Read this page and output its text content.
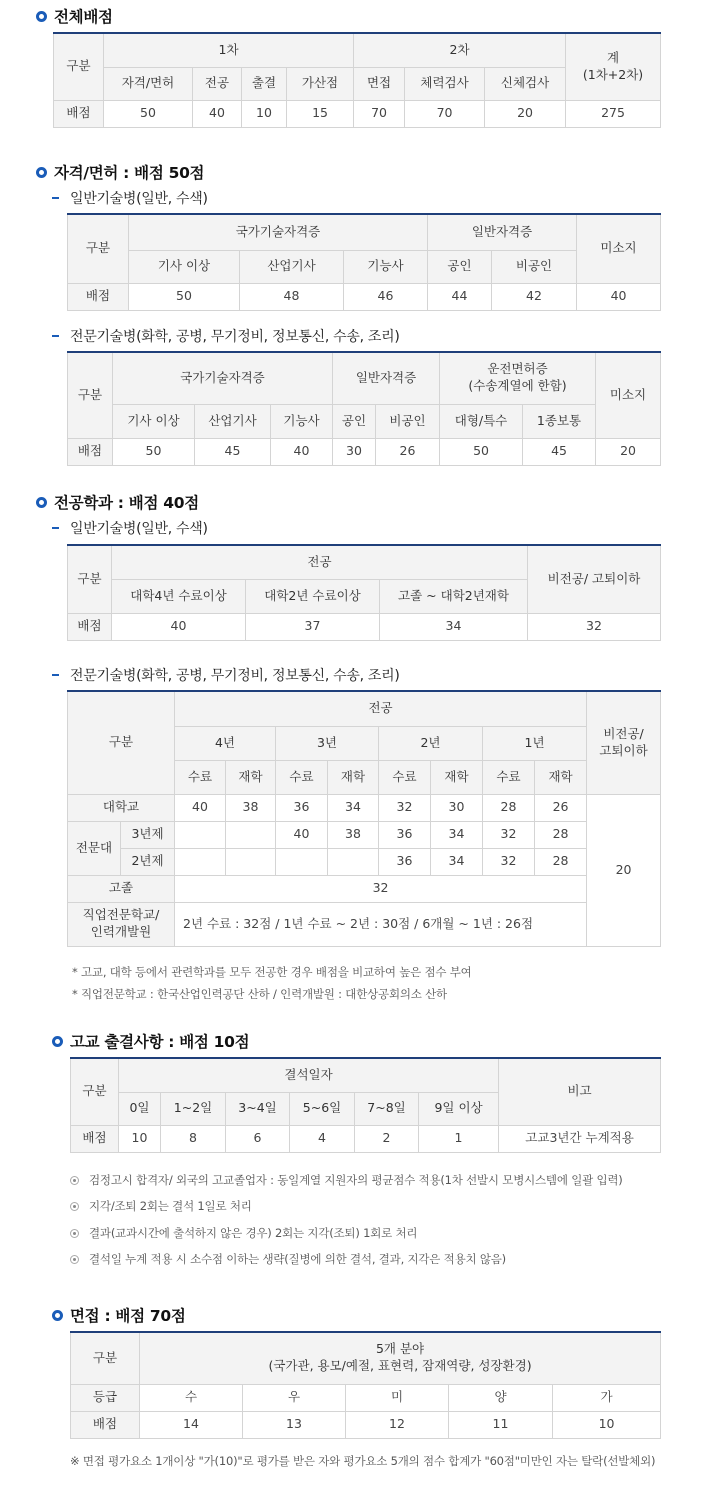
전체배점
구분	1차				2차			계
(1차+2차)
	자격/면허	전공	출결	가산점	면접	체력검사	신체검사	
배점	50	40	10	15	70	70	20	275
자격/면허 : 배점 50점
일반기술병(일반, 수색)
구분	국가기술자격증			일반자격증		미소지
	기사 이상	산업기사	기능사	공인	비공인	
배점	50	48	46	44	42	40
전문기술병(화학, 공병, 무기정비, 정보통신, 수송, 조리)
구분	국가기술자격증			일반자격증		운전면허증
(수송계열에 한함)		미소지
	기사 이상	산업기사	기능사	공인	비공인	대형/특수	1종보통	
배점	50	45	40	30	26	50	45	20
전공학과 : 배점 40점
일반기술병(일반, 수색)
구분	전공			비전공/ 고퇴이하
	대학4년 수료이상	대학2년 수료이상	고졸 ~ 대학2년재학	
배점	40	37	34	32
전문기술병(화학, 공병, 무기정비, 정보통신, 수송, 조리)
구분		전공								비전공/
고퇴이하
		4년		3년		2년		1년		
		수료	재학	수료	재학	수료	재학	수료	재학	
대학교		40	38	36	34	32	30	28	26	20
전문대	3년제			40	38	36	34	32	28	
	2년제					36	34	32	28	
고졸		32								
직업전문학교/
인력개발원		2년 수료 : 32점 / 1년 수료 ~ 2년 : 30점 / 6개월 ~ 1년 : 26점								
* 고교, 대학 등에서 관련학과를 모두 전공한 경우 배점을 비교하여 높은 점수 부여
* 직업전문학교 : 한국산업인력공단 산하 / 인력개발원 : 대한상공회의소 산하
고교 출결사항 : 배점 10점
구분	결석일자						비고
	0일	1~2일	3~4일	5~6일	7~8일	9일 이상	
배점	10	8	6	4	2	1	고교3년간 누계적용
검정고시 합격자/ 외국의 고교졸업자 : 동일계열 지원자의 평균점수 적용(1차 선발시 모병시스템에 일괄 입력)
지각/조퇴 2회는 결석 1일로 처리
결과(교과시간에 출석하지 않은 경우) 2회는 지각(조퇴) 1회로 처리
결석일 누계 적용 시 소수점 이하는 생략(질병에 의한 결석, 결과, 지각은 적용치 않음)
면접 : 배점 70점
구분	5개 분야
(국가관, 용모/예절, 표현력, 잠재역량, 성장환경)				
등급	수	우	미	양	가
배점	14	13	12	11	10
※ 면접 평가요소 1개이상 "가(10)"로 평가를 받은 자와 평가요소 5개의 점수 합계가 "60점"미만인 자는 탈락(선발체외)
